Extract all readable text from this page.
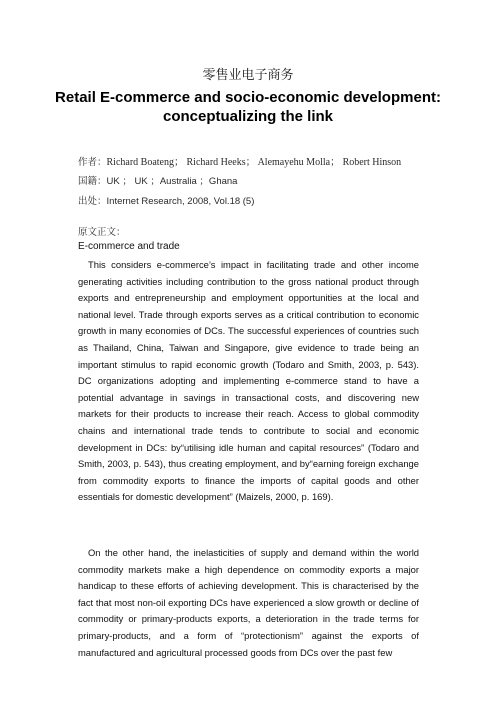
零售业电子商务
Retail E-commerce and socio-economic development: conceptualizing the link
作者：Richard Boateng； Richard Heeks； Alemayehu Molla； Robert Hinson
国籍：UK ； UK ；Australia ；Ghana
出处：Internet Research, 2008, Vol.18 (5)
原文正文：
E-commerce and trade

This considers e-commerce’s impact in facilitating trade and other income generating activities including contribution to the gross national product through exports and entrepreneurship and employment opportunities at the local and national level. Trade through exports serves as a critical contribution to economic growth in many economies of DCs. The successful experiences of countries such as Thailand, China, Taiwan and Singapore, give evidence to trade being an important stimulus to rapid economic growth (Todaro and Smith, 2003, p. 543). DC organizations adopting and implementing e-commerce stand to have a potential advantage in savings in transactional costs, and discovering new markets for their products to increase their reach. Access to global commodity chains and international trade tends to contribute to social and economic development in DCs: by“utilising idle human and capital resources” (Todaro and Smith, 2003, p. 543), thus creating employment, and by“earning foreign exchange from commodity exports to finance the imports of capital goods and other essentials for domestic development” (Maizels, 2000, p. 169).

On the other hand, the inelasticities of supply and demand within the world commodity markets make a high dependence on commodity exports a major handicap to these efforts of achieving development. This is characterised by the fact that most non-oil exporting DCs have experienced a slow growth or decline of commodity or primary-products exports, a deterioration in the trade terms for primary-products, and a form of “protectionism” against the exports of manufactured and agricultural processed goods from DCs over the past few
